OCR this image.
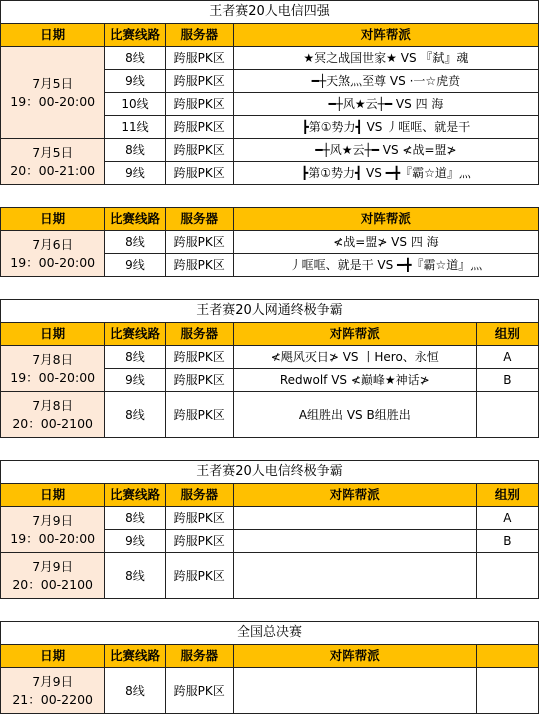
王者赛20人电信四强				
日期	比赛线路	服务器	对阵帮派	

7月5日
19：00-20:00	8线	跨服PK区	★冥之战国世家★ VS 『弑』魂	
	9线	跨服PK区	━┼天煞灬至尊 VS ·一☆虎贲	
	10线	跨服PK区	━┼风★云┼━ VS 四 海	
	11线	跨服PK区	┣第①势力┫ VS 丿哐哐、就是干	

7月5日
20：00-21:00	8线	跨服PK区	━┼风★云┼━ VS ≮战=盟≯	
	9线	跨服PK区	┣第①势力┫ VS ━╋『霸☆道』灬	

日期	比赛线路	服务器	对阵帮派	

7月6日
19：00-20:00	8线	跨服PK区	≮战=盟≯ VS 四 海	
	9线	跨服PK区	丿哐哐、就是干 VS ━╋『霸☆道』灬	

王者赛20人网通终极争霸				
日期	比赛线路	服务器	对阵帮派	组别

7月8日
19：00-20:00	8线	跨服PK区	≮飓风灭日≯ VS 丨Hero、永恒	A
	9线	跨服PK区	Redwolf VS ≮巅峰★神话≯	B

7月8日
20：00-2100	8线	跨服PK区	A组胜出 VS B组胜出	

王者赛20人电信终极争霸				
日期	比赛线路	服务器	对阵帮派	组别

7月9日
19：00-20:00	8线	跨服PK区		A
	9线	跨服PK区		B

7月9日
20：00-2100	8线	跨服PK区		

全国总决赛				
日期	比赛线路	服务器	对阵帮派	

7月9日
21：00-2200	8线	跨服PK区		
